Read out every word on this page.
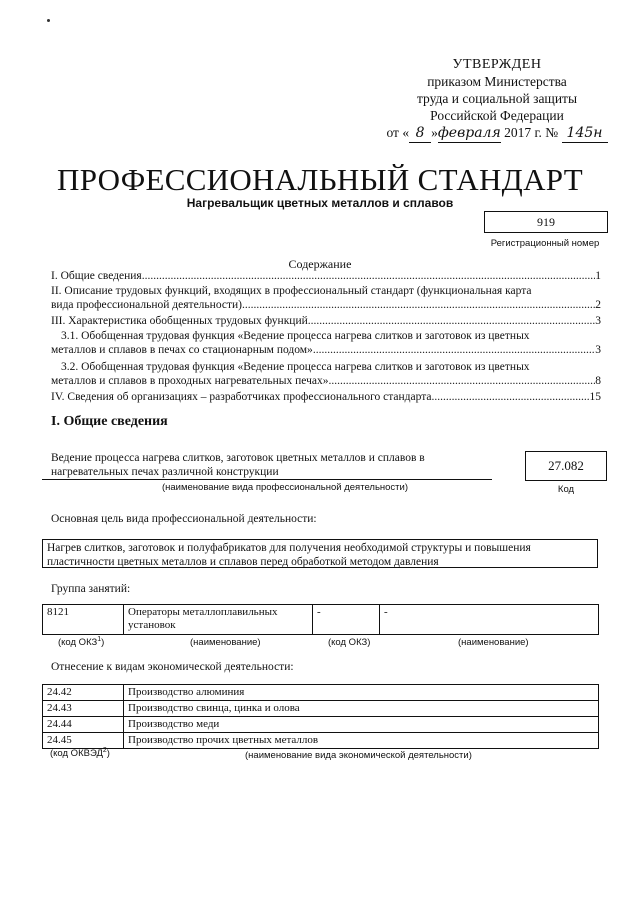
УТВЕРЖДЕН
приказом Министерства
труда и социальной защиты
Российской Федерации
от « 8 »февраля 2017 г. № 145н
ПРОФЕССИОНАЛЬНЫЙ СТАНДАРТ
Нагревальщик цветных металлов и сплавов
919
Регистрационный номер
Содержание
I. Общие сведения .....	1
II. Описание трудовых функций, входящих в профессиональный стандарт (функциональная карта
вида профессиональной деятельности) .....	2
III. Характеристика обобщенных трудовых функций .....	3
3.1. Обобщенная трудовая функция «Ведение процесса нагрева слитков и заготовок из цветных
металлов и сплавов в печах со стационарным подом» .....	3
3.2. Обобщенная трудовая функция «Ведение процесса нагрева слитков и заготовок из цветных
металлов и сплавов в проходных нагревательных печах» .....	8
IV. Сведения об организациях – разработчиках профессионального стандарта .....	15
I. Общие сведения
Ведение процесса нагрева слитков, заготовок цветных металлов и сплавов в
нагревательных печах различной конструкции
(наименование вида профессиональной деятельности)
27.082
Код
Основная цель вида профессиональной деятельности:
Нагрев слитков, заготовок и полуфабрикатов для получения необходимой структуры и повышения
пластичности цветных металлов и сплавов перед обработкой методом давления
Группа занятий:
8121	Операторы металлоплавильных
установок
	-	-
(код ОКЗ$^1$)	(наименование)	(код ОКЗ)	(наименование)
Отнесение к видам экономической деятельности:
24.42	Производство алюминия
24.43	Производство свинца, цинка и олова
24.44	Производство меди
24.45	Производство прочих цветных металлов
(код ОКВЭД$^2$)	(наименование вида экономической деятельности)
